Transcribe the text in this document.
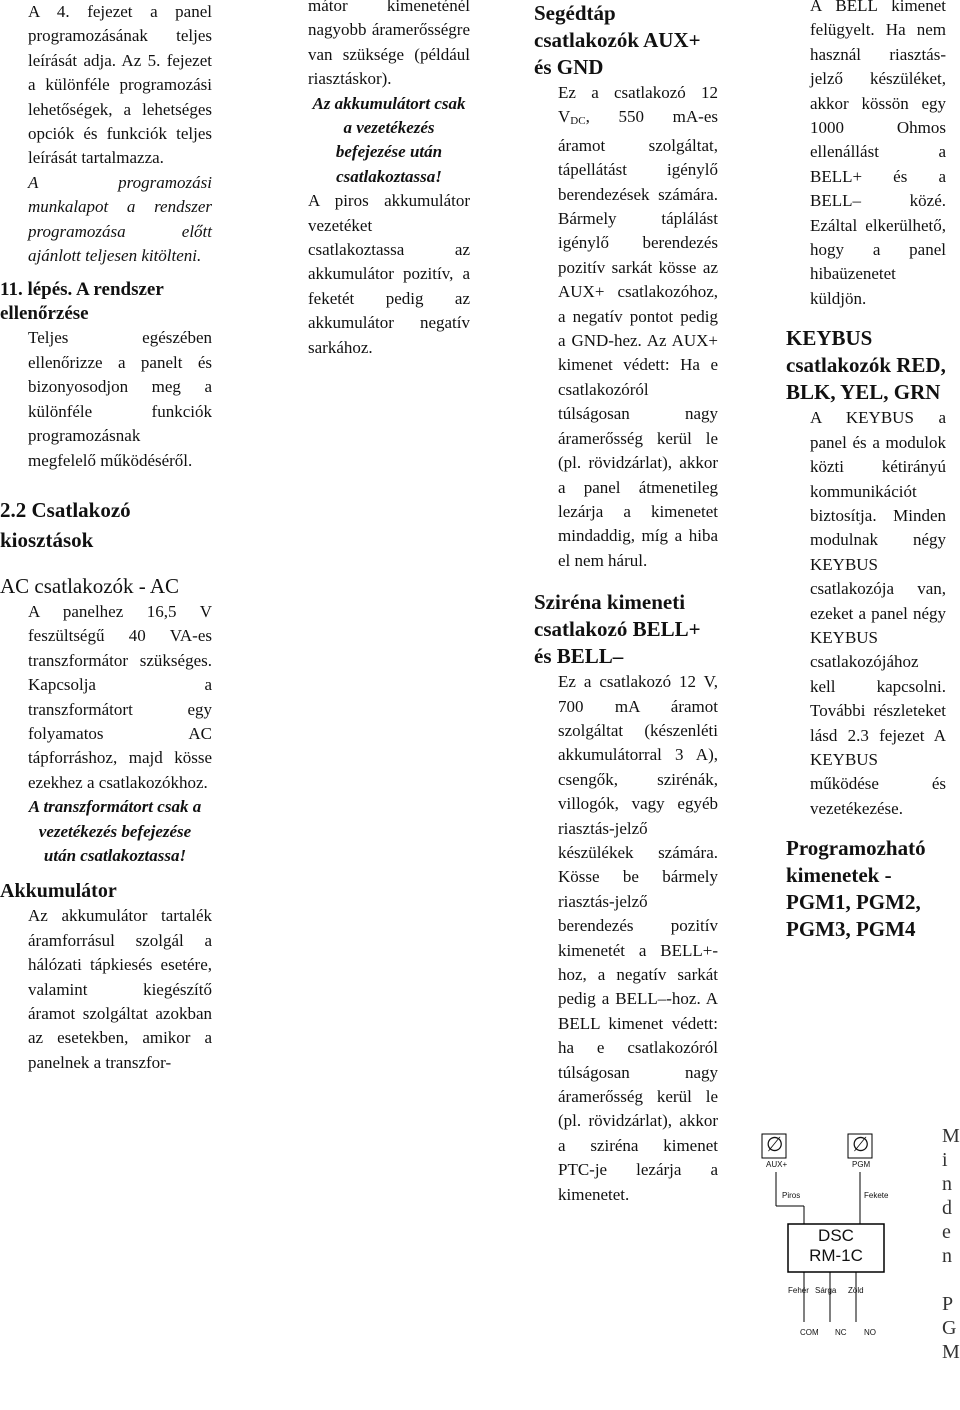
A 4. fejezet a panel programozásának teljes leírását adja. Az 5. fejezet a különféle programozási lehetőségek, a lehetséges opciók és funkciók teljes leírását tartalmazza.

A programozási munkalapot a rendszer programozása előtt ajánlott teljesen kitölteni.

11. lépés. A rendszer ellenőrzése

Teljes egészében ellenőrizze a panelt és bizonyosodjon meg a különféle funkciók programozásnak megfelelő működéséről.

2.2 Csatlakozó kiosztások
AC csatlakozók - AC

A panelhez 16,5 V feszültségű 40 VA-es transzformátor szükséges. Kapcsolja a transzformátort egy folyamatos AC tápforráshoz, majd kösse ezekhez a csatlakozókhoz.

A transzformátort csak a vezetékezés befejezése után csatlakoztassa!

Akkumulátor

Az akkumulátor tartalék áramforrásul szolgál a hálózati tápkiesés esetére, valamint kiegészítő áramot szolgáltat azokban az esetekben, amikor a panelnek a transzfor-

mátor kimeneténél nagyobb áramerősségre van szüksége (például riasztáskor).

Az akkumulátort csak a vezetékezés befejezése után csatlakoztassa!

A piros akkumulátor vezetéket csatlakoztassa az akkumulátor pozitív, a feketét pedig az akkumulátor negatív sarkához.

Segédtáp csatlakozók AUX+ és GND

Ez a csatlakozó 12 VDC, 550 mA-es áramot szolgáltat, tápellátást igénylő berendezések számára. Bármely táplálást igénylő berendezés pozitív sarkát kösse az AUX+ csatlakozóhoz, a negatív pontot pedig a GND-hez. Az AUX+ kimenet védett: Ha e csatlakozóról túlságosan nagy áramerősség kerül le (pl. rövidzárlat), akkor a panel átmenetileg lezárja a kimenetet mindaddig, míg a hiba el nem hárul.

Sziréna kimeneti csatlakozó BELL+ és BELL–

Ez a csatlakozó 12 V, 700 mA áramot szolgáltat (készenléti akkumulátorral 3 A), csengők, szirénák, villogók, vagy egyéb riasztás-jelző készülékek számára. Kösse be bármely riasztás-jelző berendezés pozitív kimenetét a BELL+-hoz, a negatív sarkát pedig a BELL–-hoz. A BELL kimenet védett: ha e csatlakozóról túlságosan nagy áramerősség kerül le (pl. rövidzárlat), akkor a sziréna kimenet PTC-je lezárja a kimenetet.

A BELL kimenet felügyelt. Ha nem használ riasztás-jelző készüléket, akkor kössön egy 1000 Ohmos ellenállást a BELL+ és a BELL– közé. Ezáltal elkerülhető, hogy a panel hibaüzenetet küldjön.

KEYBUS csatlakozók RED, BLK, YEL, GRN

A KEYBUS a panel és a modulok közti kétirányú kommunikációt biztosítja. Minden modulnak négy KEYBUS csatlakozója van, ezeket a panel négy KEYBUS csatlakozójához kell kapcsolni. További részleteket lásd 2.3 fejezet A KEYBUS működése és vezetékezése.

Programozható kimenetek - PGM1, PGM2, PGM3, PGM4
∅	∅
AUX+	PGM
Piros	Fekete
DSC
RM-1C
Fehér Sárga Zöld
COM NC NO
M
i
n
d
e
n
P
G
M
